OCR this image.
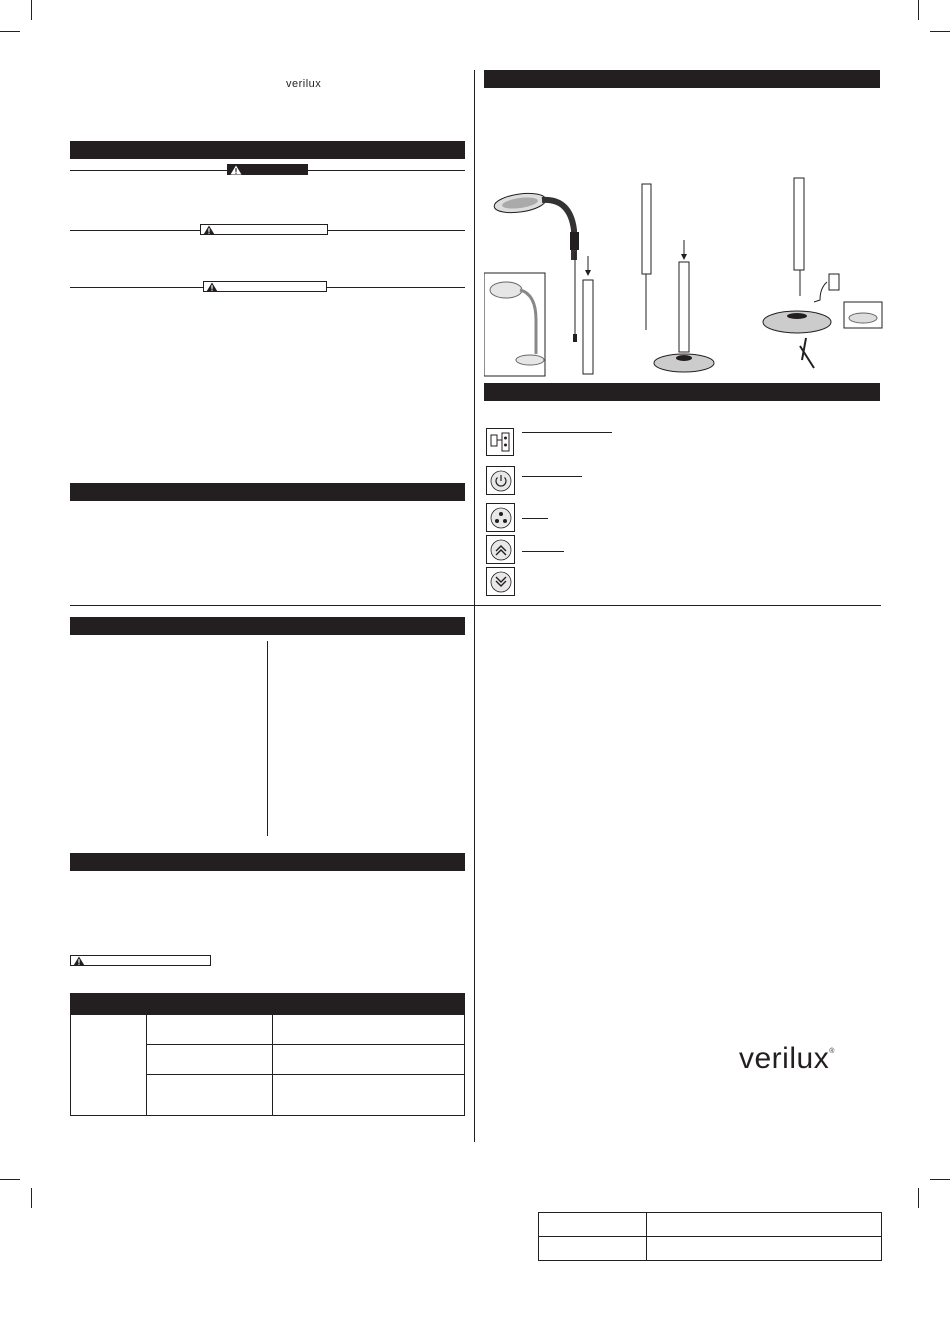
verilux

verilux®
